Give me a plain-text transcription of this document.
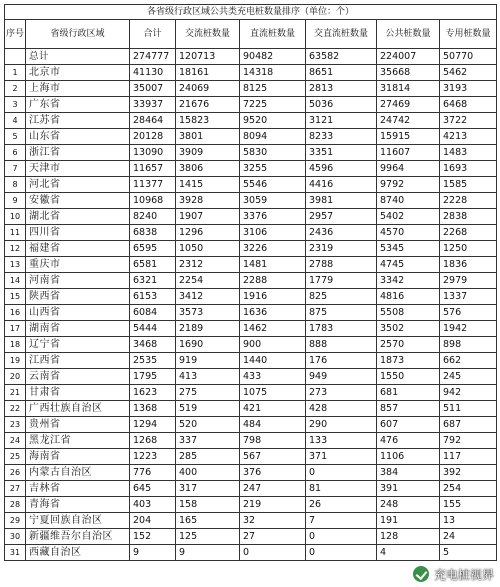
各省级行政区域公共类充电桩数量排序（单位：个）							
序号	省级行政区域	合计	交流桩数量	直流桩数量	交直流桩数量	公共桩数量	专用桩数量
	总计	274777	120713	90482	63582	224007	50770
1	北京市	41130	18161	14318	8651	35668	5462
2	上海市	35007	24069	8125	2813	31814	3193
3	广东省	33937	21676	7225	5036	27469	6468
4	江苏省	28464	15823	9520	3121	24742	3722
5	山东省	20128	3801	8094	8233	15915	4213
6	浙江省	13090	3909	5830	3351	11607	1483
7	天津市	11657	3806	3255	4596	9964	1693
8	河北省	11377	1415	5546	4416	9792	1585
9	安徽省	10968	3928	3059	3981	8740	2228
10	湖北省	8240	1907	3376	2957	5402	2838
11	四川省	6838	1296	3106	2436	4570	2268
12	福建省	6595	1050	3226	2319	5345	1250
13	重庆市	6581	2312	1481	2788	4745	1836
14	河南省	6321	2254	2288	1779	3342	2979
15	陕西省	6153	3412	1916	825	4816	1337
16	山西省	6084	3573	1636	875	5508	576
17	湖南省	5444	2189	1462	1783	3502	1942
18	辽宁省	3468	1690	900	888	2570	898
19	江西省	2535	919	1440	176	1873	662
20	云南省	1795	413	433	949	1550	245
21	甘肃省	1623	275	1075	273	681	942
22	广西壮族自治区	1368	519	421	428	857	511
23	贵州省	1294	520	484	290	607	687
24	黑龙江省	1268	337	798	133	476	792
25	海南省	1223	285	567	371	1106	117
26	内蒙古自治区	776	400	376	0	384	392
27	吉林省	645	317	247	81	391	254
28	青海省	403	158	219	26	248	155
29	宁夏回族自治区	204	165	32	7	191	13
30	新疆维吾尔自治区	152	125	27	0	128	24
31	西藏自治区	9	9	0	0	4	5
充电桩视界
